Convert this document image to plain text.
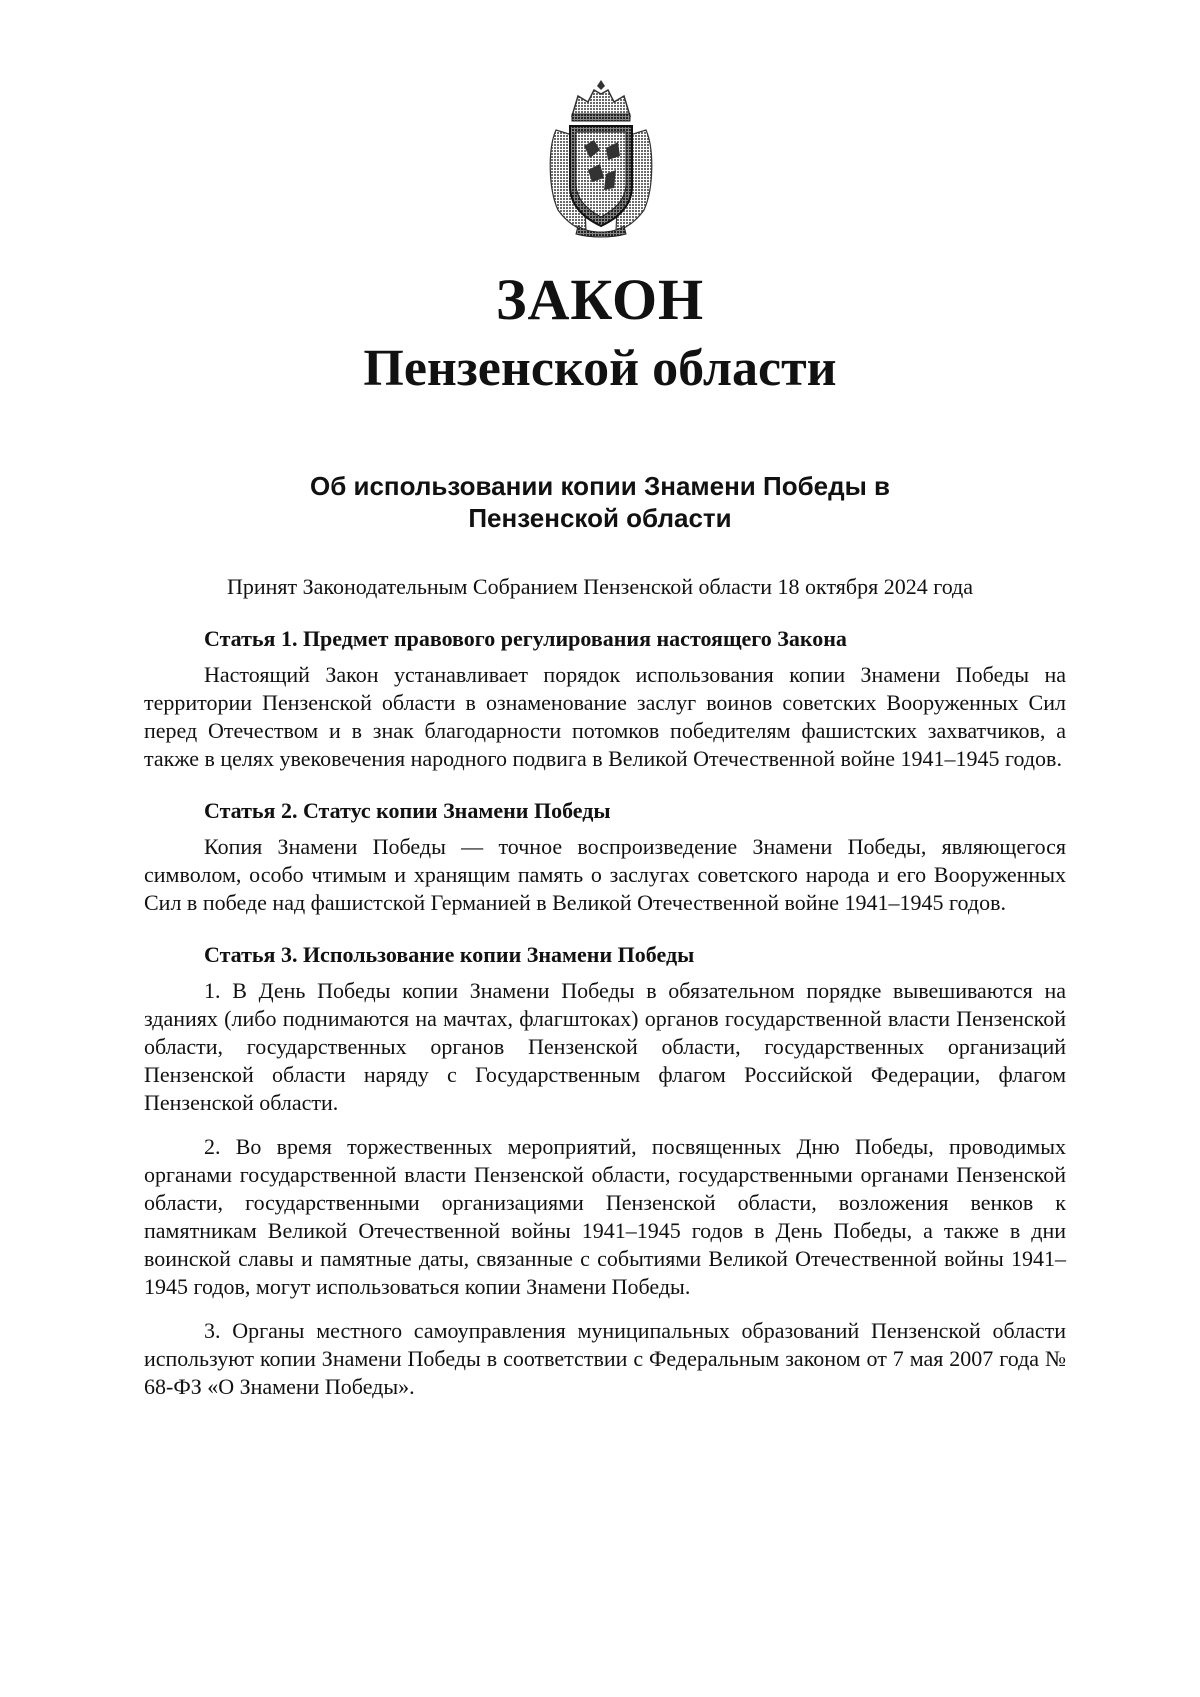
ЗАКОН
Пензенской области
Об использовании копии Знамени Победы в Пензенской области
Принят Законодательным Собранием Пензенской области 18 октября 2024 года
Статья 1. Предмет правового регулирования настоящего Закона

Настоящий Закон устанавливает порядок использования копии Знамени Победы на территории Пензенской области в ознаменование заслуг воинов советских Вооруженных Сил перед Отечеством и в знак благодарности потомков победителям фашистских захватчиков, а также в целях увековечения народного подвига в Великой Отечественной войне 1941–1945 годов.

Статья 2. Статус копии Знамени Победы

Копия Знамени Победы — точное воспроизведение Знамени Победы, являющегося символом, особо чтимым и хранящим память о заслугах советского народа и его Вооруженных Сил в победе над фашистской Германией в Великой Отечественной войне 1941–1945 годов.

Статья 3. Использование копии Знамени Победы

1. В День Победы копии Знамени Победы в обязательном порядке вывешиваются на зданиях (либо поднимаются на мачтах, флагштоках) органов государственной власти Пензенской области, государственных органов Пензенской области, государственных организаций Пензенской области наряду с Государственным флагом Российской Федерации, флагом Пензенской области.

2. Во время торжественных мероприятий, посвященных Дню Победы, проводимых органами государственной власти Пензенской области, государственными органами Пензенской области, государственными организациями Пензенской области, возложения венков к памятникам Великой Отечественной войны 1941–1945 годов в День Победы, а также в дни воинской славы и памятные даты, связанные с событиями Великой Отечественной войны 1941–1945 годов, могут использоваться копии Знамени Победы.

3. Органы местного самоуправления муниципальных образований Пензенской области используют копии Знамени Победы в соответствии с Федеральным законом от 7 мая 2007 года № 68-ФЗ «О Знамени Победы».
